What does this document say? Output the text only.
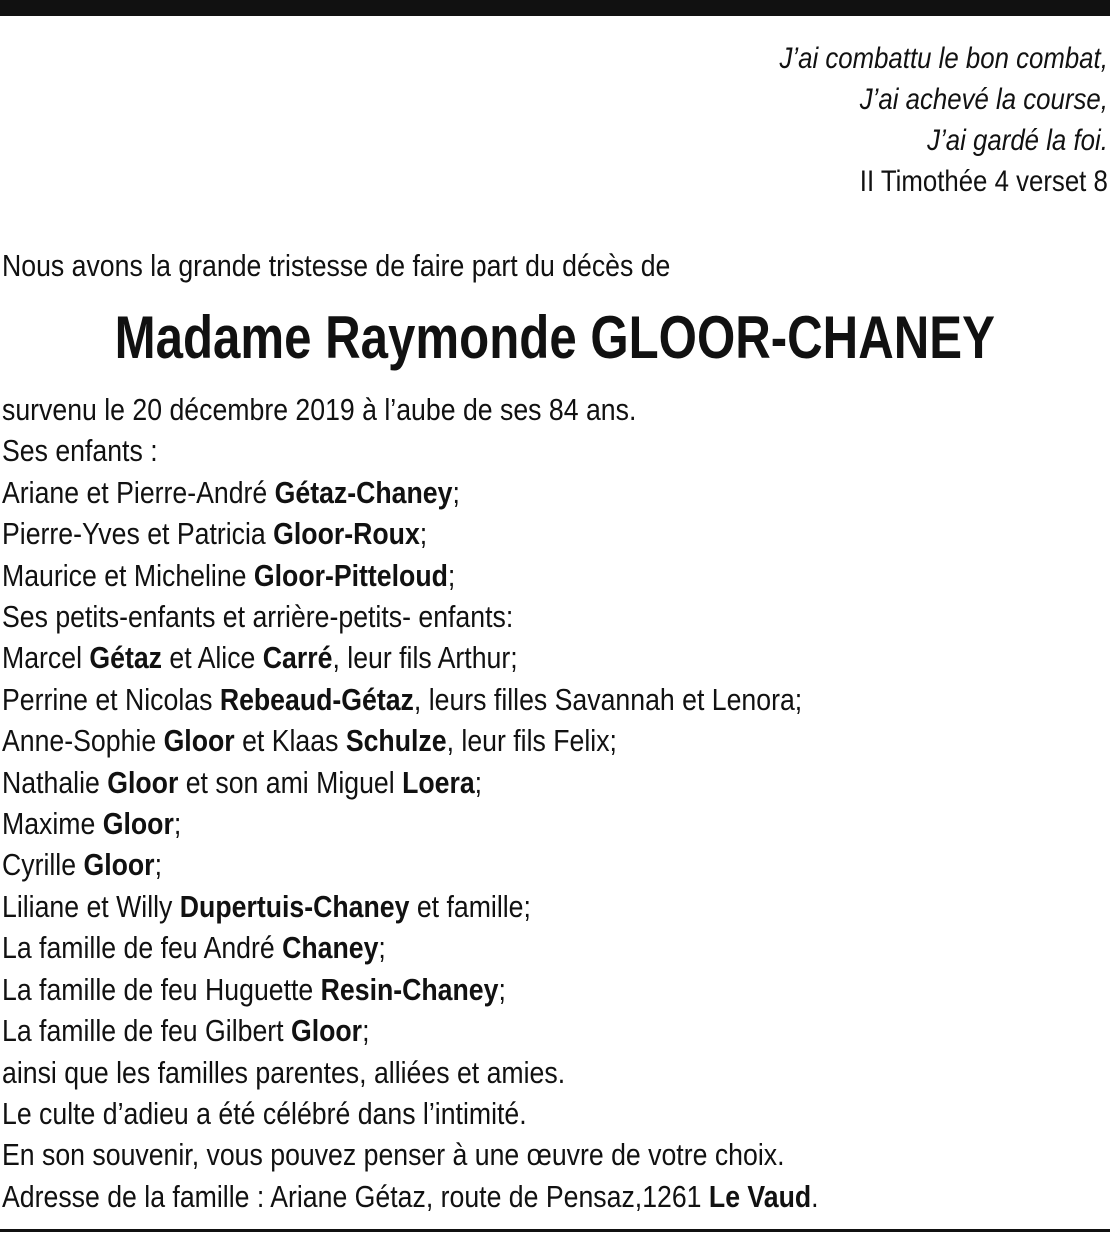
J’ai combattu le bon combat,
J’ai achevé la course,
J’ai gardé la foi.
II Timothée 4 verset 8
Nous avons la grande tristesse de faire part du décès de
Madame Raymonde GLOOR-CHANEY
survenu le 20 décembre 2019 à l’aube de ses 84 ans.
Ses enfants :
Ariane et Pierre-André Gétaz-Chaney;
Pierre-Yves et Patricia Gloor-Roux;
Maurice et Micheline Gloor-Pitteloud;
Ses petits-enfants et arrière-petits- enfants:
Marcel Gétaz et Alice Carré, leur fils Arthur;
Perrine et Nicolas Rebeaud-Gétaz, leurs filles Savannah et Lenora;
Anne-Sophie Gloor et Klaas Schulze, leur fils Felix;
Nathalie Gloor et son ami Miguel Loera;
Maxime Gloor;
Cyrille Gloor;
Liliane et Willy Dupertuis-Chaney et famille;
La famille de feu André Chaney;
La famille de feu Huguette Resin-Chaney;
La famille de feu Gilbert Gloor;
ainsi que les familles parentes, alliées et amies.
Le culte d’adieu a été célébré dans l’intimité.
En son souvenir, vous pouvez penser à une œuvre de votre choix.
Adresse de la famille : Ariane Gétaz, route de Pensaz,1261 Le Vaud.
